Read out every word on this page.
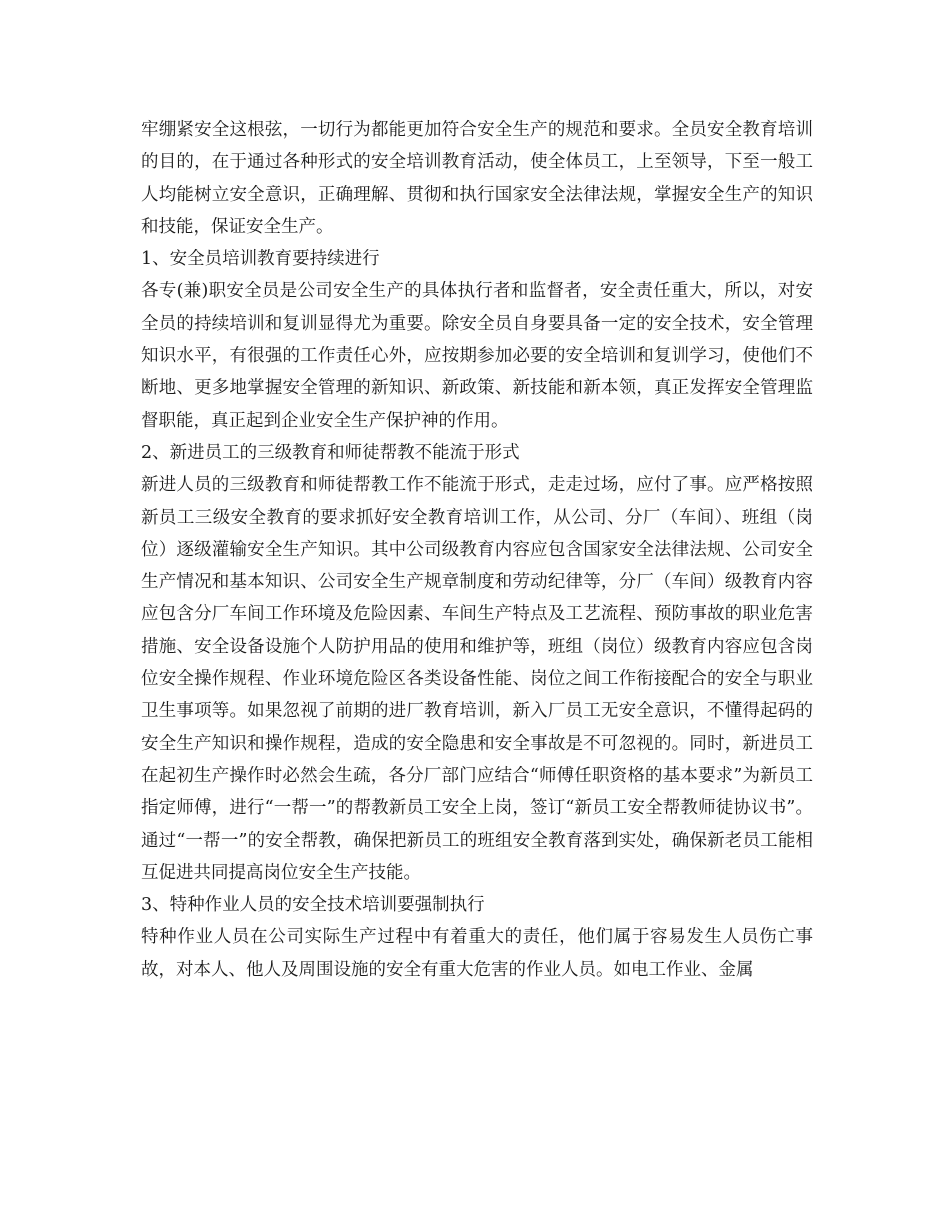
牢绷紧安全这根弦，一切行为都能更加符合安全生产的规范和要求。全员安全教育培训的目的，在于通过各种形式的安全培训教育活动，使全体员工，上至领导，下至一般工人均能树立安全意识，正确理解、贯彻和执行国家安全法律法规，掌握安全生产的知识和技能，保证安全生产。

1、安全员培训教育要持续进行

各专(兼)职安全员是公司安全生产的具体执行者和监督者，安全责任重大，所以，对安全员的持续培训和复训显得尤为重要。除安全员自身要具备一定的安全技术，安全管理知识水平，有很强的工作责任心外，应按期参加必要的安全培训和复训学习，使他们不断地、更多地掌握安全管理的新知识、新政策、新技能和新本领，真正发挥安全管理监督职能，真正起到企业安全生产保护神的作用。

2、新进员工的三级教育和师徒帮教不能流于形式

新进人员的三级教育和师徒帮教工作不能流于形式，走走过场，应付了事。应严格按照新员工三级安全教育的要求抓好安全教育培训工作，从公司、分厂（车间）、班组（岗位）逐级灌输安全生产知识。其中公司级教育内容应包含国家安全法律法规、公司安全生产情况和基本知识、公司安全生产规章制度和劳动纪律等，分厂（车间）级教育内容应包含分厂车间工作环境及危险因素、车间生产特点及工艺流程、预防事故的职业危害措施、安全设备设施个人防护用品的使用和维护等，班组（岗位）级教育内容应包含岗位安全操作规程、作业环境危险区各类设备性能、岗位之间工作衔接配合的安全与职业卫生事项等。如果忽视了前期的进厂教育培训，新入厂员工无安全意识，不懂得起码的安全生产知识和操作规程，造成的安全隐患和安全事故是不可忽视的。同时，新进员工在起初生产操作时必然会生疏，各分厂部门应结合“师傅任职资格的基本要求”为新员工指定师傅，进行“一帮一”的帮教新员工安全上岗，签订“新员工安全帮教师徒协议书”。通过“一帮一”的安全帮教，确保把新员工的班组安全教育落到实处，确保新老员工能相互促进共同提高岗位安全生产技能。

3、特种作业人员的安全技术培训要强制执行

特种作业人员在公司实际生产过程中有着重大的责任，他们属于容易发生人员伤亡事故，对本人、他人及周围设施的安全有重大危害的作业人员。如电工作业、金属
